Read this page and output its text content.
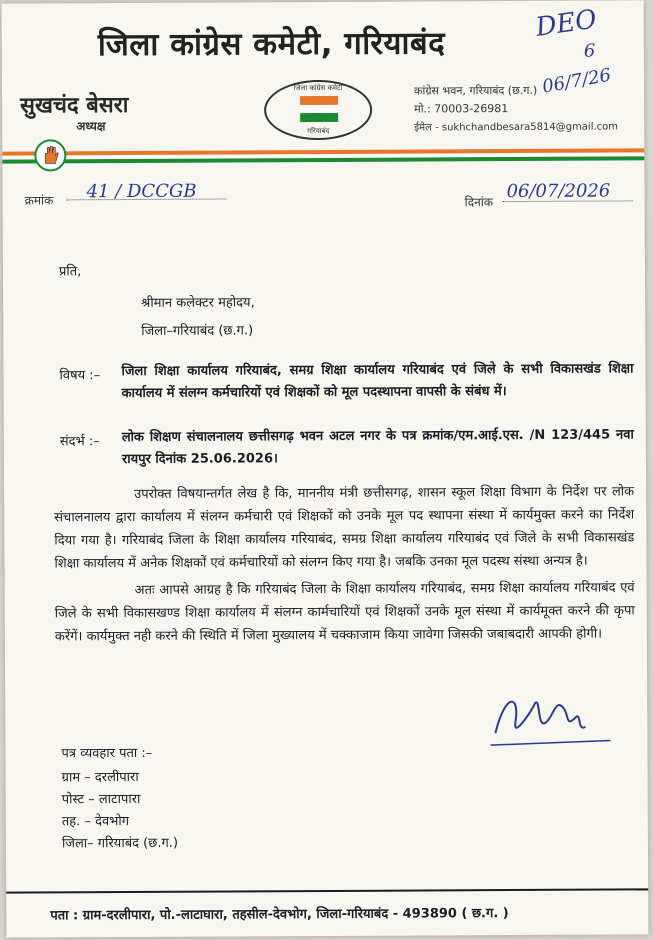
जिला कांग्रेस कमेटी, गरियाबंद
DEO
6
06/7/26
सुखचंद बेसरा
अध्यक्ष
जिला कांग्रेस कमेटी
गरियाबंद
कांग्रेस भवन, गरियाबंद (छ.ग.)
मो.: 70003-26981
ईमेल - sukhchandbesara5814@gmail.com
क्रमांक 41 / DCCGB	दिनांक
06/07/2026
प्रति,
श्रीमान कलेक्टर महोदय,
जिला–गरियाबंद (छ.ग.)
विषय :– जिला शिक्षा कार्यालय गरियाबंद, समग्र शिक्षा कार्यालय गरियाबंद एवं जिले के सभी विकासखंड शिक्षा कार्यालय में संलग्न कर्मचारियों एवं शिक्षकों को मूल पदस्थापना वापसी के संबंध में।
संदर्भ :– लोक शिक्षण संचालनालय छत्तीसगढ़ भवन अटल नगर के पत्र क्रमांक/एम.आई.एस. /N 123/445 नवा रायपुर दिनांक 25.06.2026।
उपरोक्त विषयान्तर्गत लेख है कि, माननीय मंत्री छत्तीसगढ़, शासन स्कूल शिक्षा विभाग के निर्देश पर लोक संचालनालय द्वारा कार्यालय में संलग्न कर्मचारी एवं शिक्षकों को उनके मूल पद स्थापना संस्था में कार्यमुक्त करने का निर्देश दिया गया है। गरियाबंद जिला के शिक्षा कार्यालय गरियाबंद, समग्र शिक्षा कार्यालय गरियाबंद एवं जिले के सभी विकासखंड शिक्षा कार्यालय में अनेक शिक्षकों एवं कर्मचारियों को संलग्न किए गया है। जबकि उनका मूल पदस्थ संस्था अन्यत्र है।
अतः आपसे आग्रह है कि गरियाबंद जिला के शिक्षा कार्यालय गरियाबंद, समग्र शिक्षा कार्यालय गरियाबंद एवं जिले के सभी विकासखण्ड शिक्षा कार्यालय में संलग्न कार्मचारियों एवं शिक्षकों उनके मूल संस्था में कार्यमूक्त करने की कृपा करेंगें। कार्यमुक्त नही करने की स्थिति में जिला मुख्यालय में चक्काजाम किया जावेगा जिसकी जबाबदारी आपकी होगी।
पत्र व्यवहार पता :–
ग्राम – दरलीपारा
पोस्ट – लाटापारा
तह. – देवभोग
जिला– गरियाबंद (छ.ग.)
पता : ग्राम-दरलीपारा, पो.-लाटाघारा, तहसील-देवभोग, जिला-गरियाबंद - 493890 ( छ.ग. )
